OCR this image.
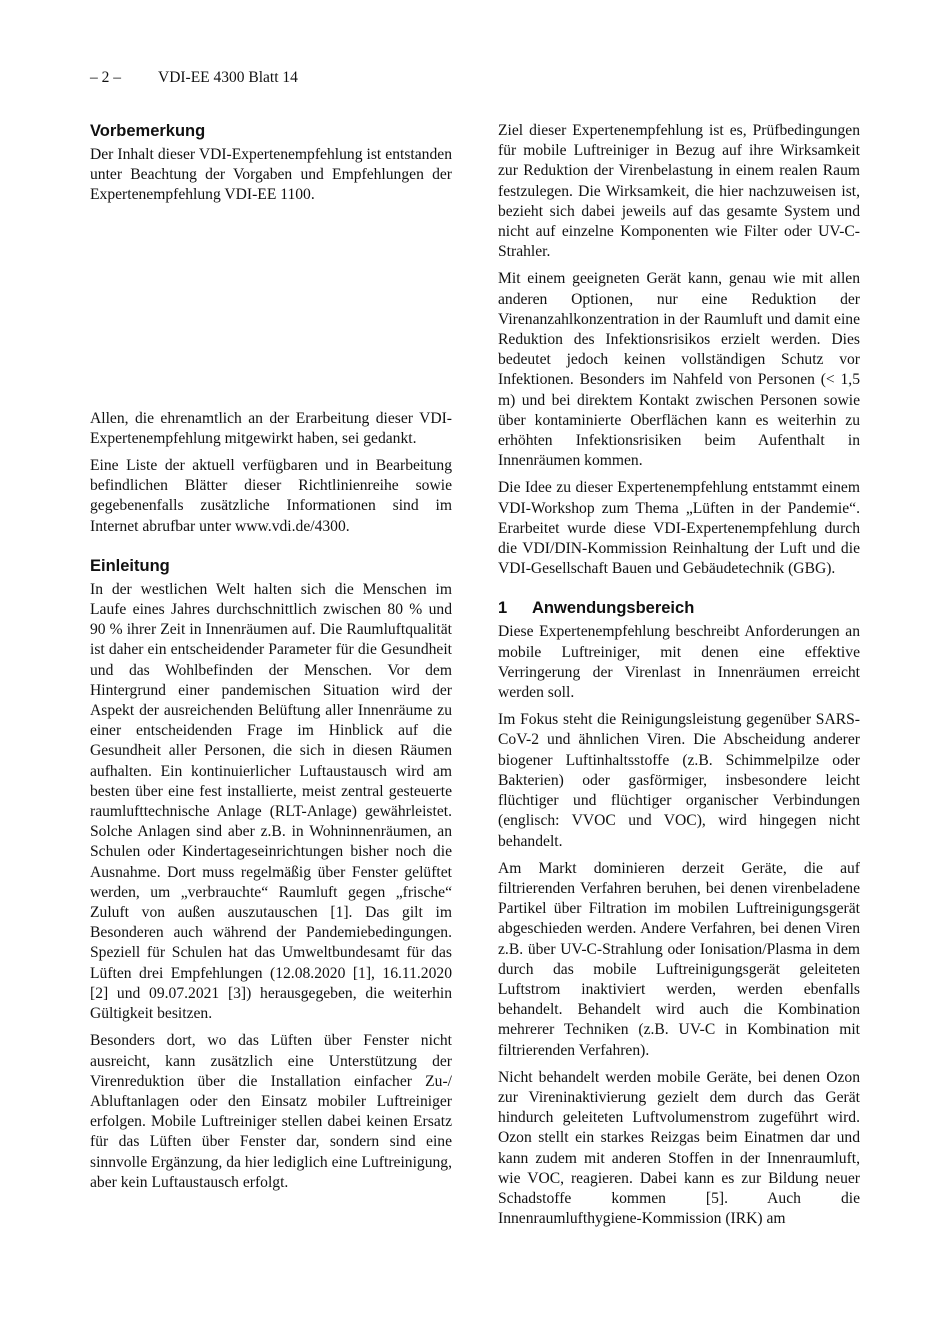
– 2 – VDI-EE 4300 Blatt 14
Vorbemerkung

Der Inhalt dieser VDI-Expertenempfehlung ist entstanden unter Beachtung der Vorgaben und Empfehlungen der Expertenempfehlung VDI-EE 1100.

Allen, die ehrenamtlich an der Erarbeitung dieser VDI-Expertenempfehlung mitgewirkt haben, sei gedankt.

Eine Liste der aktuell verfügbaren und in Bearbeitung befindlichen Blätter dieser Richtlinienreihe sowie gegebenenfalls zusätzliche Informationen sind im Internet abrufbar unter www.vdi.de/4300.

Einleitung

In der westlichen Welt halten sich die Menschen im Laufe eines Jahres durchschnittlich zwischen 80 % und 90 % ihrer Zeit in Innenräumen auf. Die Raumluftqualität ist daher ein entscheidender Parameter für die Gesundheit und das Wohlbefinden der Menschen. Vor dem Hintergrund einer pandemischen Situation wird der Aspekt der ausreichenden Belüftung aller Innenräume zu einer entscheidenden Frage im Hinblick auf die Gesundheit aller Personen, die sich in diesen Räumen aufhalten. Ein kontinuierlicher Luftaustausch wird am besten über eine fest installierte, meist zentral gesteuerte raumlufttechnische Anlage (RLT-Anlage) gewährleistet. Solche Anlagen sind aber z.B. in Wohninnenräumen, an Schulen oder Kindertageseinrichtungen bisher noch die Ausnahme. Dort muss regelmäßig über Fenster gelüftet werden, um „verbrauchte“ Raumluft gegen „frische“ Zuluft von außen auszutauschen [1]. Das gilt im Besonderen auch während der Pandemiebedingungen. Speziell für Schulen hat das Umweltbundesamt für das Lüften drei Empfehlungen (12.08.2020 [1], 16.11.2020 [2] und 09.07.2021 [3]) herausgegeben, die weiterhin Gültigkeit besitzen.

Besonders dort, wo das Lüften über Fenster nicht ausreicht, kann zusätzlich eine Unterstützung der Virenreduktion über die Installation einfacher Zu-/ Abluftanlagen oder den Einsatz mobiler Luftreiniger erfolgen. Mobile Luftreiniger stellen dabei keinen Ersatz für das Lüften über Fenster dar, sondern sind eine sinnvolle Ergänzung, da hier lediglich eine Luftreinigung, aber kein Luftaustausch erfolgt.

Ziel dieser Expertenempfehlung ist es, Prüfbedingungen für mobile Luftreiniger in Bezug auf ihre Wirksamkeit zur Reduktion der Virenbelastung in einem realen Raum festzulegen. Die Wirksamkeit, die hier nachzuweisen ist, bezieht sich dabei jeweils auf das gesamte System und nicht auf einzelne Komponenten wie Filter oder UV-C-Strahler.

Mit einem geeigneten Gerät kann, genau wie mit allen anderen Optionen, nur eine Reduktion der Virenanzahlkonzentration in der Raumluft und damit eine Reduktion des Infektionsrisikos erzielt werden. Dies bedeutet jedoch keinen vollständigen Schutz vor Infektionen. Besonders im Nahfeld von Personen (< 1,5 m) und bei direktem Kontakt zwischen Personen sowie über kontaminierte Oberflächen kann es weiterhin zu erhöhten Infektionsrisiken beim Aufenthalt in Innenräumen kommen.

Die Idee zu dieser Expertenempfehlung entstammt einem VDI-Workshop zum Thema „Lüften in der Pandemie“. Erarbeitet wurde diese VDI-Expertenempfehlung durch die VDI/DIN-Kommission Reinhaltung der Luft und die VDI-Gesellschaft Bauen und Gebäudetechnik (GBG).

1 Anwendungsbereich

Diese Expertenempfehlung beschreibt Anforderungen an mobile Luftreiniger, mit denen eine effektive Verringerung der Virenlast in Innenräumen erreicht werden soll.

Im Fokus steht die Reinigungsleistung gegenüber SARS-CoV-2 und ähnlichen Viren. Die Abscheidung anderer biogener Luftinhaltsstoffe (z.B. Schimmelpilze oder Bakterien) oder gasförmiger, insbesondere leicht flüchtiger und flüchtiger organischer Verbindungen (englisch: VVOC und VOC), wird hingegen nicht behandelt.

Am Markt dominieren derzeit Geräte, die auf filtrierenden Verfahren beruhen, bei denen virenbeladene Partikel über Filtration im mobilen Luftreinigungsgerät abgeschieden werden. Andere Verfahren, bei denen Viren z.B. über UV-C-Strahlung oder Ionisation/Plasma in dem durch das mobile Luftreinigungsgerät geleiteten Luftstrom inaktiviert werden, werden ebenfalls behandelt. Behandelt wird auch die Kombination mehrerer Techniken (z.B. UV-C in Kombination mit filtrierenden Verfahren).

Nicht behandelt werden mobile Geräte, bei denen Ozon zur Vireninaktivierung gezielt dem durch das Gerät hindurch geleiteten Luftvolumenstrom zugeführt wird. Ozon stellt ein starkes Reizgas beim Einatmen dar und kann zudem mit anderen Stoffen in der Innenraumluft, wie VOC, reagieren. Dabei kann es zur Bildung neuer Schadstoffe kommen [5]. Auch die Innenraumlufthygiene-Kommission (IRK) am
